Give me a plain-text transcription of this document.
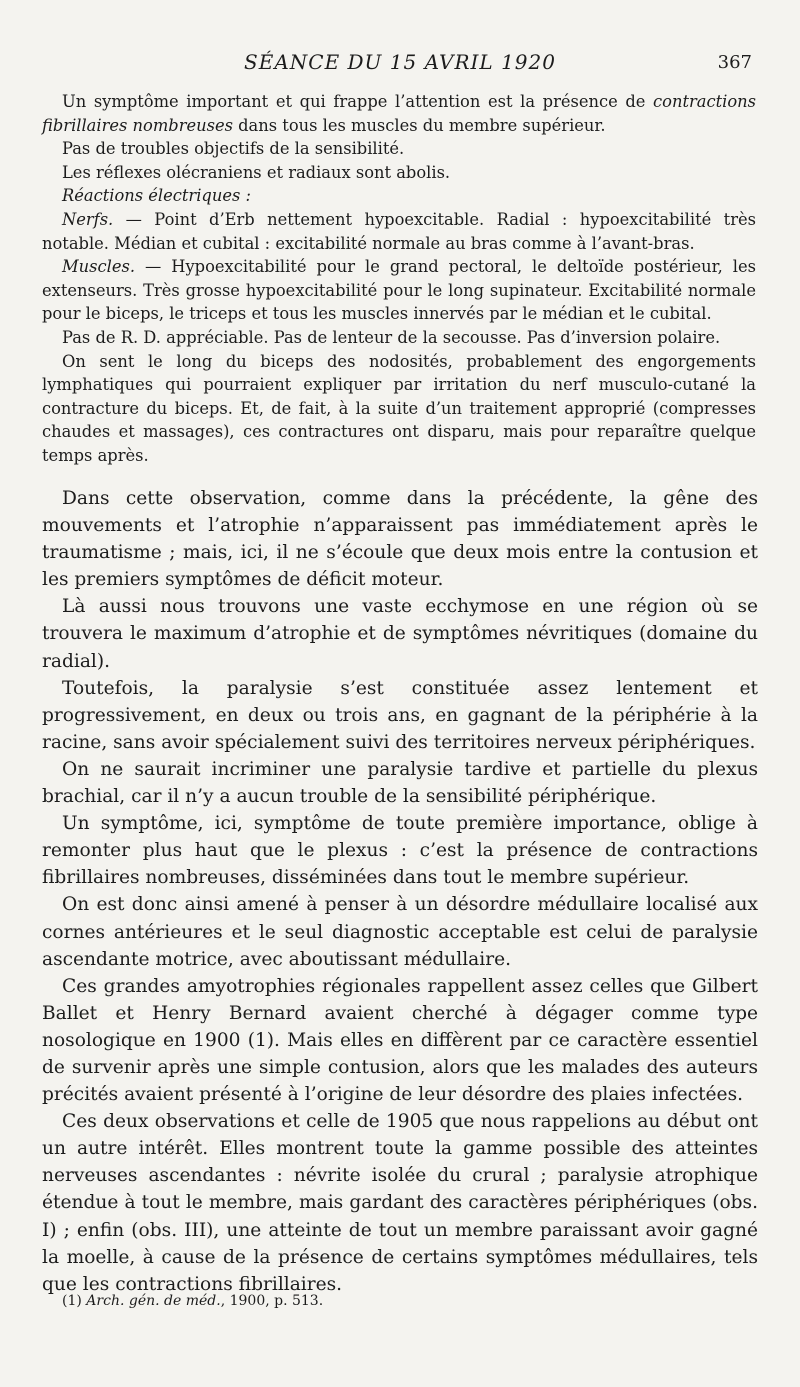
SÉANCE DU 15 AVRIL 1920	367

Un symptôme important et qui frappe l’attention est la présence de contractions fibrillaires nombreuses dans tous les muscles du membre supérieur.

Pas de troubles objectifs de la sensibilité.

Les réflexes olécraniens et radiaux sont abolis.

Réactions électriques :

Nerfs. — Point d’Erb nettement hypoexcitable. Radial : hypoexcitabilité très notable. Médian et cubital : excitabilité normale au bras comme à l’avant-bras.

Muscles. — Hypoexcitabilité pour le grand pectoral, le deltoïde postérieur, les extenseurs. Très grosse hypoexcitabilité pour le long supinateur. Excitabilité normale pour le biceps, le triceps et tous les muscles innervés par le médian et le cubital.

Pas de R. D. appréciable. Pas de lenteur de la secousse. Pas d’inversion polaire.

On sent le long du biceps des nodosités, probablement des engorgements lymphatiques qui pourraient expliquer par irritation du nerf musculo-cutané la contracture du biceps. Et, de fait, à la suite d’un traitement approprié (compresses chaudes et massages), ces contractures ont disparu, mais pour reparaître quelque temps après.

Dans cette observation, comme dans la précédente, la gêne des mouvements et l’atrophie n’apparaissent pas immédiatement après le traumatisme ; mais, ici, il ne s’écoule que deux mois entre la contusion et les premiers symptômes de déficit moteur.

Là aussi nous trouvons une vaste ecchymose en une région où se trouvera le maximum d’atrophie et de symptômes névritiques (domaine du radial).

Toutefois, la paralysie s’est constituée assez lentement et progressivement, en deux ou trois ans, en gagnant de la périphérie à la racine, sans avoir spécialement suivi des territoires nerveux périphériques.

On ne saurait incriminer une paralysie tardive et partielle du plexus brachial, car il n’y a aucun trouble de la sensibilité périphérique.

Un symptôme, ici, symptôme de toute première importance, oblige à remonter plus haut que le plexus : c’est la présence de contractions fibrillaires nombreuses, disséminées dans tout le membre supérieur.

On est donc ainsi amené à penser à un désordre médullaire localisé aux cornes antérieures et le seul diagnostic acceptable est celui de paralysie ascendante motrice, avec aboutissant médullaire.

Ces grandes amyotrophies régionales rappellent assez celles que Gilbert Ballet et Henry Bernard avaient cherché à dégager comme type nosologique en 1900 (1). Mais elles en diffèrent par ce caractère essentiel de survenir après une simple contusion, alors que les malades des auteurs précités avaient présenté à l’origine de leur désordre des plaies infectées.

Ces deux observations et celle de 1905 que nous rappelions au début ont un autre intérêt. Elles montrent toute la gamme possible des atteintes nerveuses ascendantes : névrite isolée du crural ; paralysie atrophique étendue à tout le membre, mais gardant des caractères périphériques (obs. I) ; enfin (obs. III), une atteinte de tout un membre paraissant avoir gagné la moelle, à cause de la présence de certains symptômes médullaires, tels que les contractions fibrillaires.

(1) Arch. gén. de méd., 1900, p. 513.
